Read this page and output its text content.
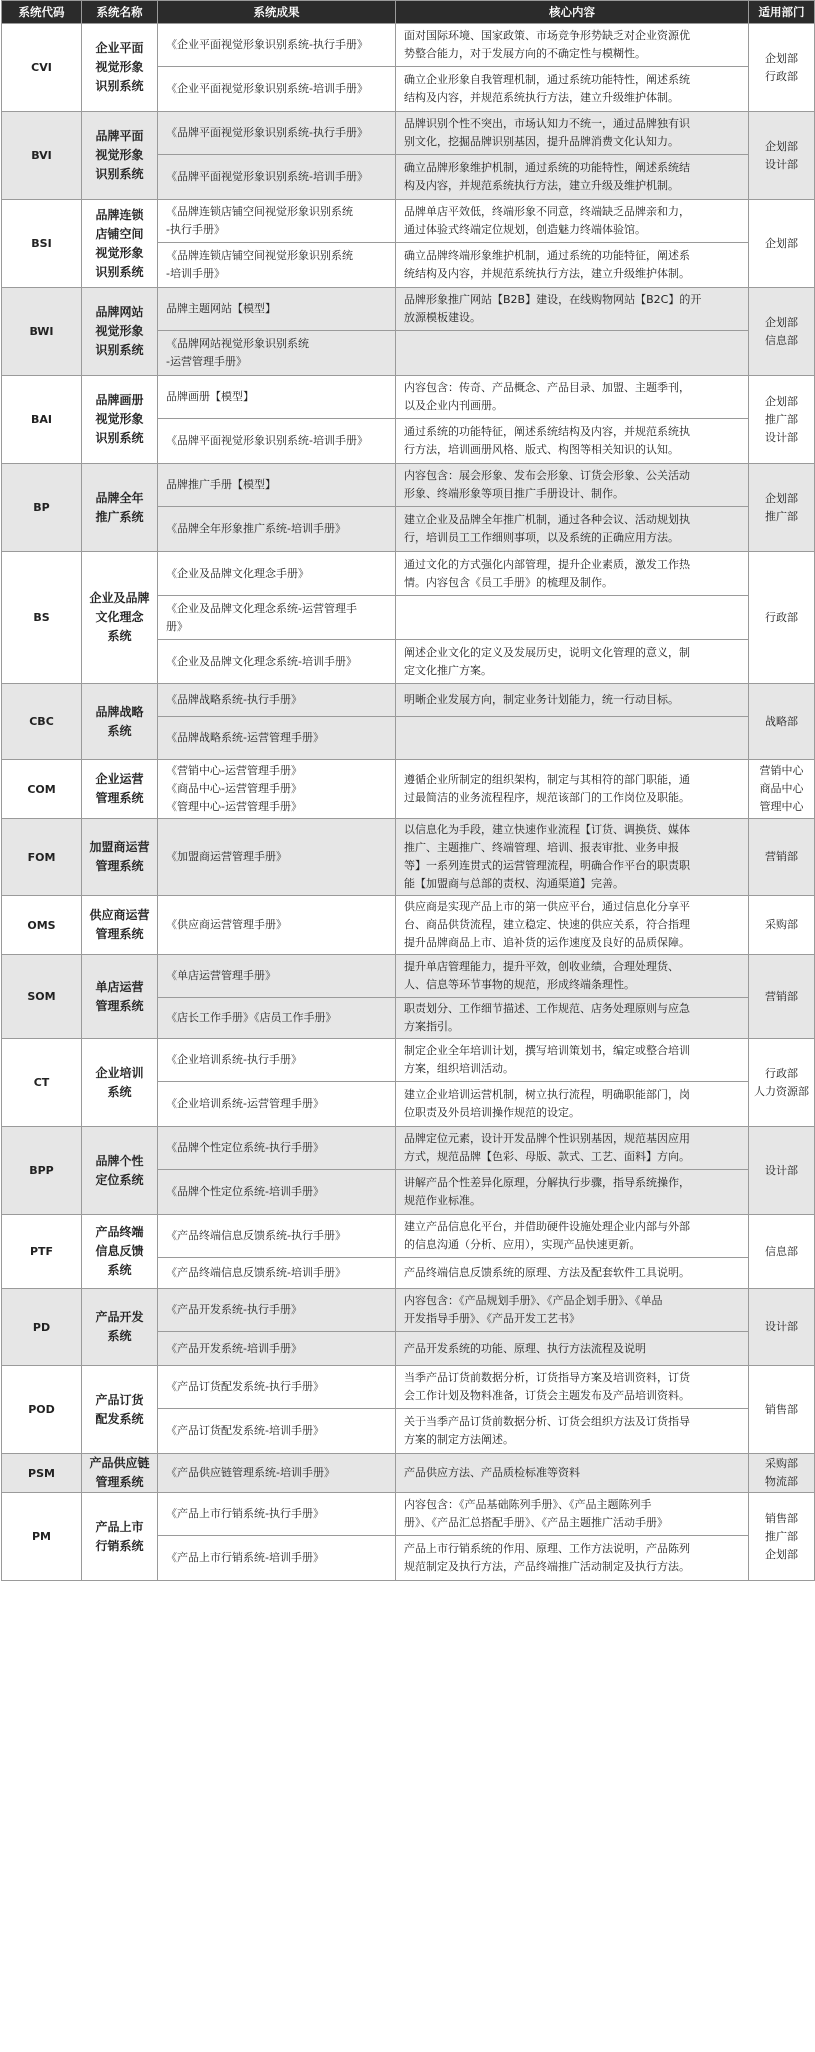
系统代码	系统名称	系统成果	核心内容	适用部门
CVI	企业平面
视觉形象
识别系统	《企业平面视觉形象识别系统-执行手册》	面对国际环境、国家政策、市场竞争形势缺乏对企业资源优
势整合能力，对于发展方向的不确定性与模糊性。	企划部
行政部

		《企业平面视觉形象识别系统-培训手册》	确立企业形象自我管理机制，通过系统功能特性，阐述系统
结构及内容，并规范系统执行方法，建立升级维护体制。	

BVI	品牌平面
视觉形象
识别系统	《品牌平面视觉形象识别系统-执行手册》	品牌识别个性不突出，市场认知力不统一，通过品牌独有识
别文化，挖掘品牌识别基因，提升品牌消费文化认知力。	企划部
设计部

		《品牌平面视觉形象识别系统-培训手册》	确立品牌形象维护机制，通过系统的功能特性，阐述系统结
构及内容，并规范系统执行方法，建立升级及维护机制。	

BSI	品牌连锁
店铺空间
视觉形象
识别系统	《品牌连锁店铺空间视觉形象识别系统
-执行手册》	品牌单店平效低，终端形象不同意，终端缺乏品牌亲和力，
通过体验式终端定位规划，创造魅力终端体验馆。	企划部

		《品牌连锁店铺空间视觉形象识别系统
-培训手册》	确立品牌终端形象维护机制，通过系统的功能特征，阐述系
统结构及内容，并规范系统执行方法，建立升级维护体制。	

BWI	品牌网站
视觉形象
识别系统	品牌主题网站【模型】	品牌形象推广网站【B2B】建设，在线购物网站【B2C】的开
放源模板建设。	企划部
信息部

		《品牌网站视觉形象识别系统
-运营管理手册》		

BAI	品牌画册
视觉形象
识别系统	品牌画册【模型】	内容包含：传奇、产品概念、产品目录、加盟、主题季刊，
以及企业内刊画册。	企划部
推广部
设计部

		《品牌平面视觉形象识别系统-培训手册》	通过系统的功能特征，阐述系统结构及内容，并规范系统执
行方法，培训画册风格、版式、构图等相关知识的认知。	

BP	品牌全年
推广系统	品牌推广手册【模型】	内容包含：展会形象、发布会形象、订货会形象、公关活动
形象、终端形象等项目推广手册设计、制作。	企划部
推广部

		《品牌全年形象推广系统-培训手册》	建立企业及品牌全年推广机制，通过各种会议、活动规划执
行，培训员工工作细则事项，以及系统的正确应用方法。	

BS	企业及品牌
文化理念
系统	《企业及品牌文化理念手册》	通过文化的方式强化内部管理，提升企业素质，激发工作热
情。内容包含《员工手册》的梳理及制作。	行政部

		《企业及品牌文化理念系统-运营管理手
册》		

		《企业及品牌文化理念系统-培训手册》	阐述企业文化的定义及发展历史，说明文化管理的意义，制
定文化推广方案。	

CBC	品牌战略
系统	《品牌战略系统-执行手册》	明晰企业发展方向，制定业务计划能力，统一行动目标。	战略部

		《品牌战略系统-运营管理手册》		

COM	企业运营
管理系统	《营销中心-运营管理手册》
《商品中心-运营管理手册》
《管理中心-运营管理手册》	遵循企业所制定的组织架构，制定与其相符的部门职能，通
过最简洁的业务流程程序，规范该部门的工作岗位及职能。	营销中心
商品中心
管理中心

FOM	加盟商运营
管理系统	《加盟商运营管理手册》	以信息化为手段，建立快速作业流程【订货、调换货、媒体
推广、主题推广、终端管理、培训、报表审批、业务申报
等】一系列连贯式的运营管理流程，明确合作平台的职责职
能【加盟商与总部的责权、沟通渠道】完善。	营销部

OMS	供应商运营
管理系统	《供应商运营管理手册》	供应商是实现产品上市的第一供应平台，通过信息化分享平
台、商品供货流程，建立稳定、快速的供应关系，符合指理
提升品牌商品上市、追补货的运作速度及良好的品质保障。	采购部

SOM	单店运营
管理系统	《单店运营管理手册》	提升单店管理能力，提升平效，创收业绩，合理处理货、
人、信息等环节事物的规范，形成终端条理性。	营销部

		《店长工作手册》《店员工作手册》	职责划分、工作细节描述、工作规范、店务处理原则与应急
方案指引。	

CT	企业培训
系统	《企业培训系统-执行手册》	制定企业全年培训计划，撰写培训策划书，编定或整合培训
方案，组织培训活动。	行政部
人力资源部

		《企业培训系统-运营管理手册》	建立企业培训运营机制，树立执行流程，明确职能部门，岗
位职责及外员培训操作规范的设定。	

BPP	品牌个性
定位系统	《品牌个性定位系统-执行手册》	品牌定位元素，设计开发品牌个性识别基因，规范基因应用
方式，规范品牌【色彩、母版、款式、工艺、面料】方向。	设计部

		《品牌个性定位系统-培训手册》	讲解产品个性差异化原理，分解执行步骤，指导系统操作，
规范作业标准。	

PTF	产品终端
信息反馈
系统	《产品终端信息反馈系统-执行手册》	建立产品信息化平台，并借助硬件设施处理企业内部与外部
的信息沟通（分析、应用），实现产品快速更新。	信息部

		《产品终端信息反馈系统-培训手册》	产品终端信息反馈系统的原理、方法及配套软件工具说明。	

PD	产品开发
系统	《产品开发系统-执行手册》	内容包含：《产品规划手册》、《产品企划手册》、《单品
开发指导手册》、《产品开发工艺书》	设计部

		《产品开发系统-培训手册》	产品开发系统的功能、原理、执行方法流程及说明	

POD	产品订货
配发系统	《产品订货配发系统-执行手册》	当季产品订货前数据分析，订货指导方案及培训资料，订货
会工作计划及物料准备，订货会主题发布及产品培训资料。	销售部

		《产品订货配发系统-培训手册》	关于当季产品订货前数据分析、订货会组织方法及订货指导
方案的制定方法阐述。	

PSM	产品供应链
管理系统	《产品供应链管理系统-培训手册》	产品供应方法、产品质检标准等资料	采购部
物流部

PM	产品上市
行销系统	《产品上市行销系统-执行手册》	内容包含：《产品基础陈列手册》、《产品主题陈列手
册》、《产品汇总搭配手册》、《产品主题推广活动手册》	销售部
推广部
企划部

		《产品上市行销系统-培训手册》	产品上市行销系统的作用、原理、工作方法说明，产品陈列
规范制定及执行方法，产品终端推广活动制定及执行方法。	
